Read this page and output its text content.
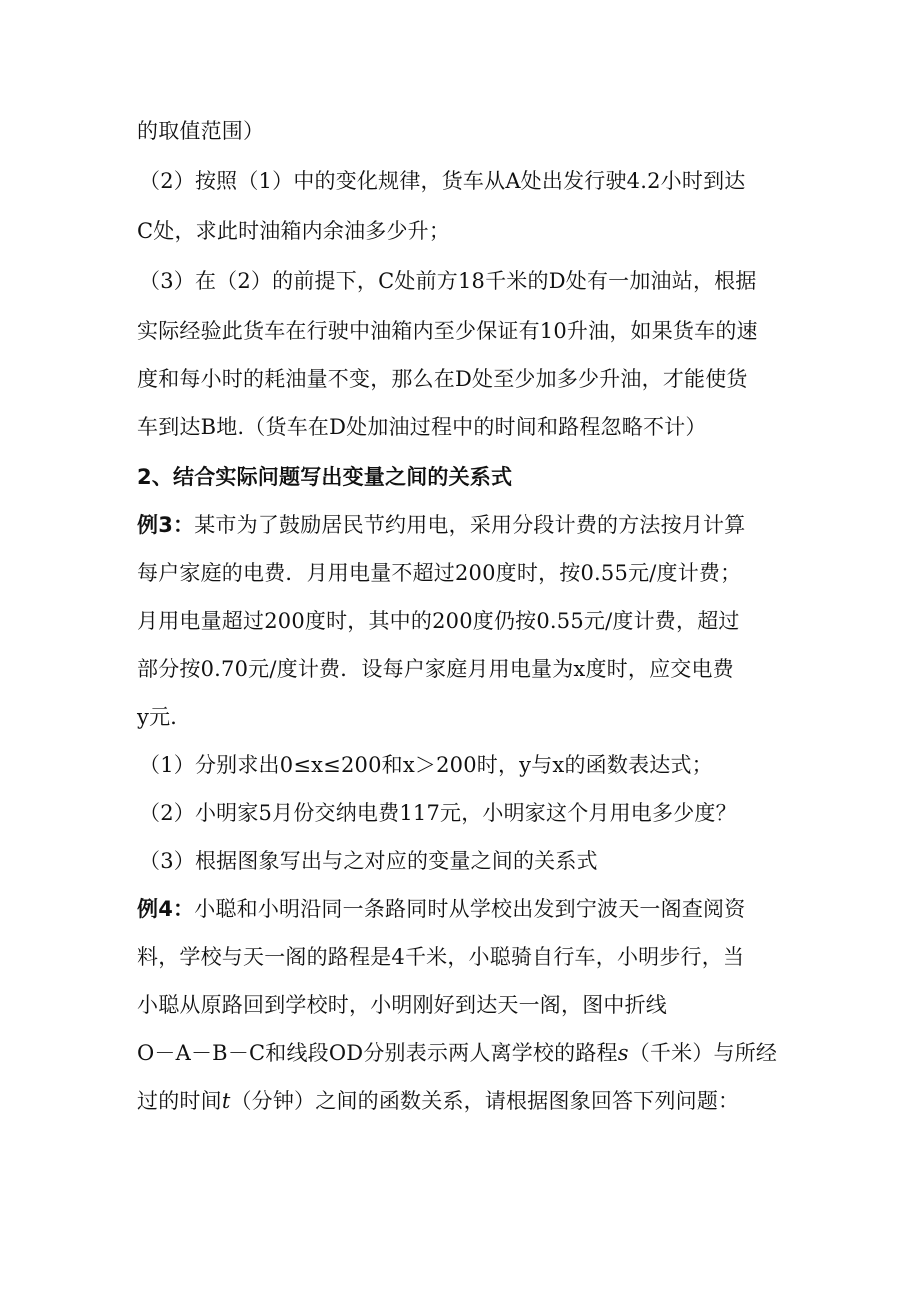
的取值范围）
（2）按照（1）中的变化规律，货车从A处出发行驶4.2小时到达
C处，求此时油箱内余油多少升；
（3）在（2）的前提下，C处前方18千米的D处有一加油站，根据
实际经验此货车在行驶中油箱内至少保证有10升油，如果货车的速
度和每小时的耗油量不变，那么在D处至少加多少升油，才能使货
车到达B地.（货车在D处加油过程中的时间和路程忽略不计）
2、结合实际问题写出变量之间的关系式
例3：某市为了鼓励居民节约用电，采用分段计费的方法按月计算
每户家庭的电费．月用电量不超过200度时，按0.55元/度计费；
月用电量超过200度时，其中的200度仍按0.55元/度计费，超过
部分按0.70元/度计费．设每户家庭月用电量为x度时，应交电费
y元．
（1）分别求出0≤x≤200和x＞200时，y与x的函数表达式；
（2）小明家5月份交纳电费117元，小明家这个月用电多少度？
（3）根据图象写出与之对应的变量之间的关系式
例4：小聪和小明沿同一条路同时从学校出发到宁波天一阁查阅资
料，学校与天一阁的路程是4千米，小聪骑自行车，小明步行，当
小聪从原路回到学校时，小明刚好到达天一阁，图中折线
O－A－B－C和线段OD分别表示两人离学校的路程s（千米）与所经
过的时间t（分钟）之间的函数关系，请根据图象回答下列问题：
